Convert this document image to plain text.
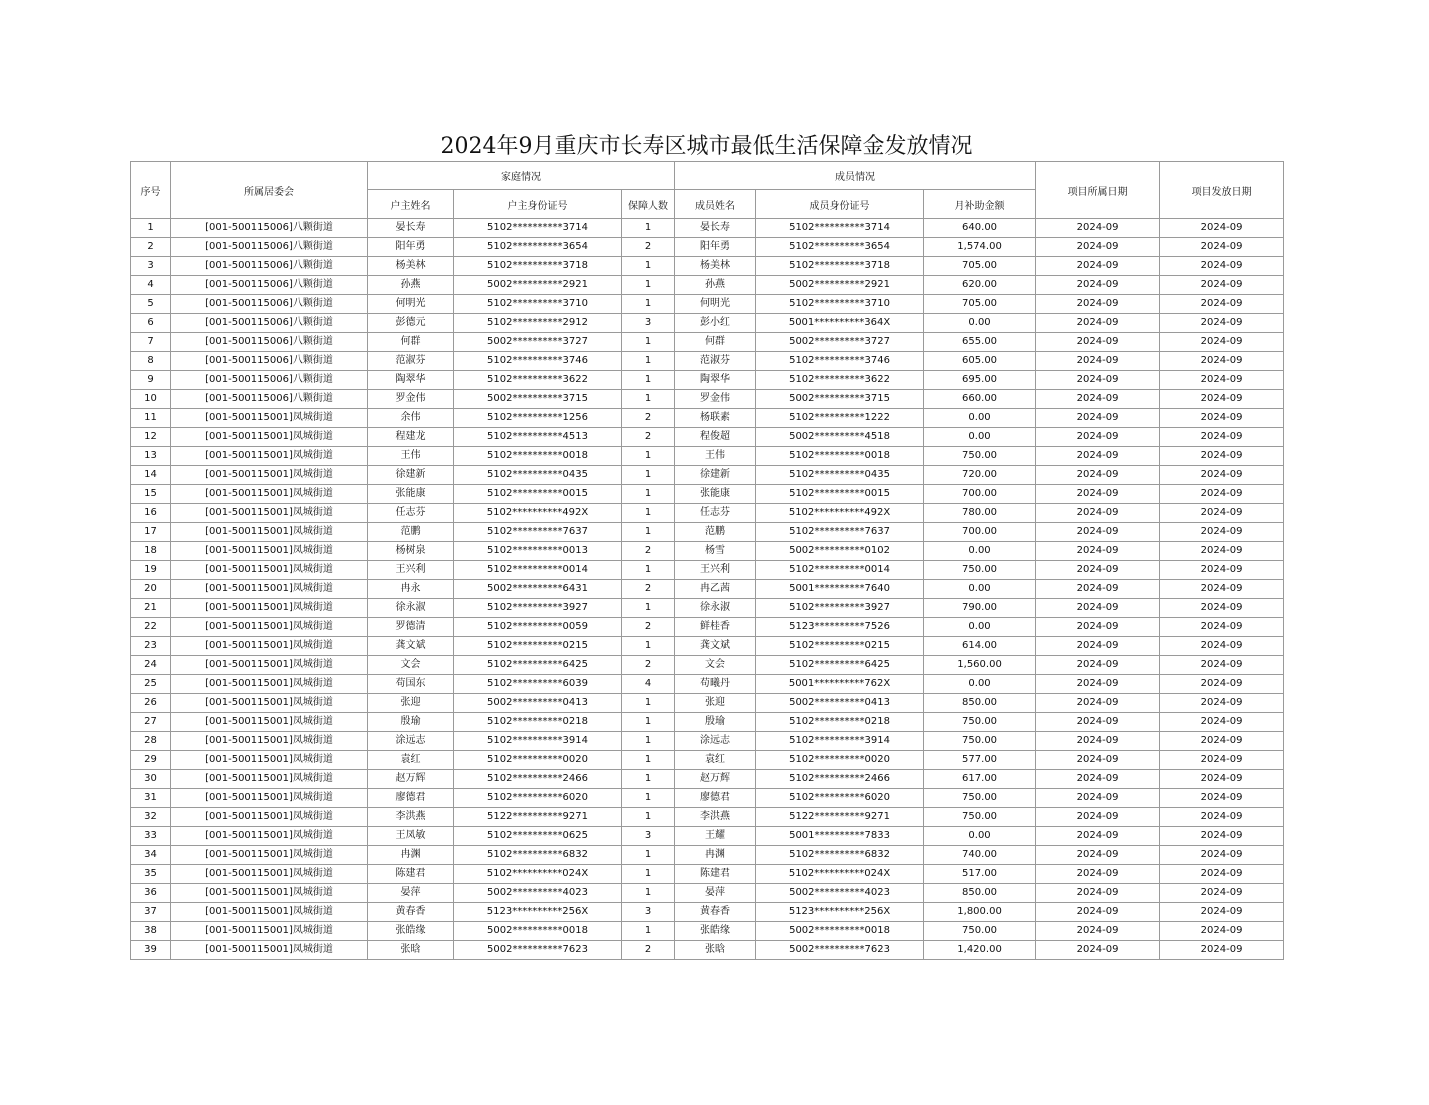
2024年9月重庆市长寿区城市最低生活保障金发放情况
序号	所属居委会	家庭情况			成员情况			项目所属日期	项目发放日期
		户主姓名	户主身份证号	保障人数	成员姓名	成员身份证号	月补助金额		
1	[001-500115006]八颗街道	晏长寿	5102**********3714	1	晏长寿	5102**********3714	640.00	2024-09	2024-09
2	[001-500115006]八颗街道	阳年勇	5102**********3654	2	阳年勇	5102**********3654	1,574.00	2024-09	2024-09
3	[001-500115006]八颗街道	杨美林	5102**********3718	1	杨美林	5102**********3718	705.00	2024-09	2024-09
4	[001-500115006]八颗街道	孙燕	5002**********2921	1	孙燕	5002**********2921	620.00	2024-09	2024-09
5	[001-500115006]八颗街道	何明光	5102**********3710	1	何明光	5102**********3710	705.00	2024-09	2024-09
6	[001-500115006]八颗街道	彭德元	5102**********2912	3	彭小红	5001**********364X	0.00	2024-09	2024-09
7	[001-500115006]八颗街道	何群	5002**********3727	1	何群	5002**********3727	655.00	2024-09	2024-09
8	[001-500115006]八颗街道	范淑芬	5102**********3746	1	范淑芬	5102**********3746	605.00	2024-09	2024-09
9	[001-500115006]八颗街道	陶翠华	5102**********3622	1	陶翠华	5102**********3622	695.00	2024-09	2024-09
10	[001-500115006]八颗街道	罗金伟	5002**********3715	1	罗金伟	5002**********3715	660.00	2024-09	2024-09
11	[001-500115001]凤城街道	余伟	5102**********1256	2	杨联素	5102**********1222	0.00	2024-09	2024-09
12	[001-500115001]凤城街道	程建龙	5102**********4513	2	程俊超	5002**********4518	0.00	2024-09	2024-09
13	[001-500115001]凤城街道	王伟	5102**********0018	1	王伟	5102**********0018	750.00	2024-09	2024-09
14	[001-500115001]凤城街道	徐建新	5102**********0435	1	徐建新	5102**********0435	720.00	2024-09	2024-09
15	[001-500115001]凤城街道	张能康	5102**********0015	1	张能康	5102**********0015	700.00	2024-09	2024-09
16	[001-500115001]凤城街道	任志芬	5102**********492X	1	任志芬	5102**********492X	780.00	2024-09	2024-09
17	[001-500115001]凤城街道	范鹏	5102**********7637	1	范鹏	5102**********7637	700.00	2024-09	2024-09
18	[001-500115001]凤城街道	杨树泉	5102**********0013	2	杨雪	5002**********0102	0.00	2024-09	2024-09
19	[001-500115001]凤城街道	王兴利	5102**********0014	1	王兴利	5102**********0014	750.00	2024-09	2024-09
20	[001-500115001]凤城街道	冉永	5002**********6431	2	冉乙茜	5001**********7640	0.00	2024-09	2024-09
21	[001-500115001]凤城街道	徐永淑	5102**********3927	1	徐永淑	5102**********3927	790.00	2024-09	2024-09
22	[001-500115001]凤城街道	罗德清	5102**********0059	2	鲜桂香	5123**********7526	0.00	2024-09	2024-09
23	[001-500115001]凤城街道	龚文斌	5102**********0215	1	龚文斌	5102**********0215	614.00	2024-09	2024-09
24	[001-500115001]凤城街道	文会	5102**********6425	2	文会	5102**********6425	1,560.00	2024-09	2024-09
25	[001-500115001]凤城街道	苟国东	5102**********6039	4	苟曦丹	5001**********762X	0.00	2024-09	2024-09
26	[001-500115001]凤城街道	张迎	5002**********0413	1	张迎	5002**********0413	850.00	2024-09	2024-09
27	[001-500115001]凤城街道	殷瑜	5102**********0218	1	殷瑜	5102**********0218	750.00	2024-09	2024-09
28	[001-500115001]凤城街道	涂远志	5102**********3914	1	涂远志	5102**********3914	750.00	2024-09	2024-09
29	[001-500115001]凤城街道	袁红	5102**********0020	1	袁红	5102**********0020	577.00	2024-09	2024-09
30	[001-500115001]凤城街道	赵万辉	5102**********2466	1	赵万辉	5102**********2466	617.00	2024-09	2024-09
31	[001-500115001]凤城街道	廖德君	5102**********6020	1	廖德君	5102**********6020	750.00	2024-09	2024-09
32	[001-500115001]凤城街道	李洪燕	5122**********9271	1	李洪燕	5122**********9271	750.00	2024-09	2024-09
33	[001-500115001]凤城街道	王凤敏	5102**********0625	3	王耀	5001**********7833	0.00	2024-09	2024-09
34	[001-500115001]凤城街道	冉渊	5102**********6832	1	冉渊	5102**********6832	740.00	2024-09	2024-09
35	[001-500115001]凤城街道	陈建君	5102**********024X	1	陈建君	5102**********024X	517.00	2024-09	2024-09
36	[001-500115001]凤城街道	晏萍	5002**********4023	1	晏萍	5002**********4023	850.00	2024-09	2024-09
37	[001-500115001]凤城街道	黄春香	5123**********256X	3	黄春香	5123**********256X	1,800.00	2024-09	2024-09
38	[001-500115001]凤城街道	张皓缘	5002**********0018	1	张皓缘	5002**********0018	750.00	2024-09	2024-09
39	[001-500115001]凤城街道	张晗	5002**********7623	2	张晗	5002**********7623	1,420.00	2024-09	2024-09
